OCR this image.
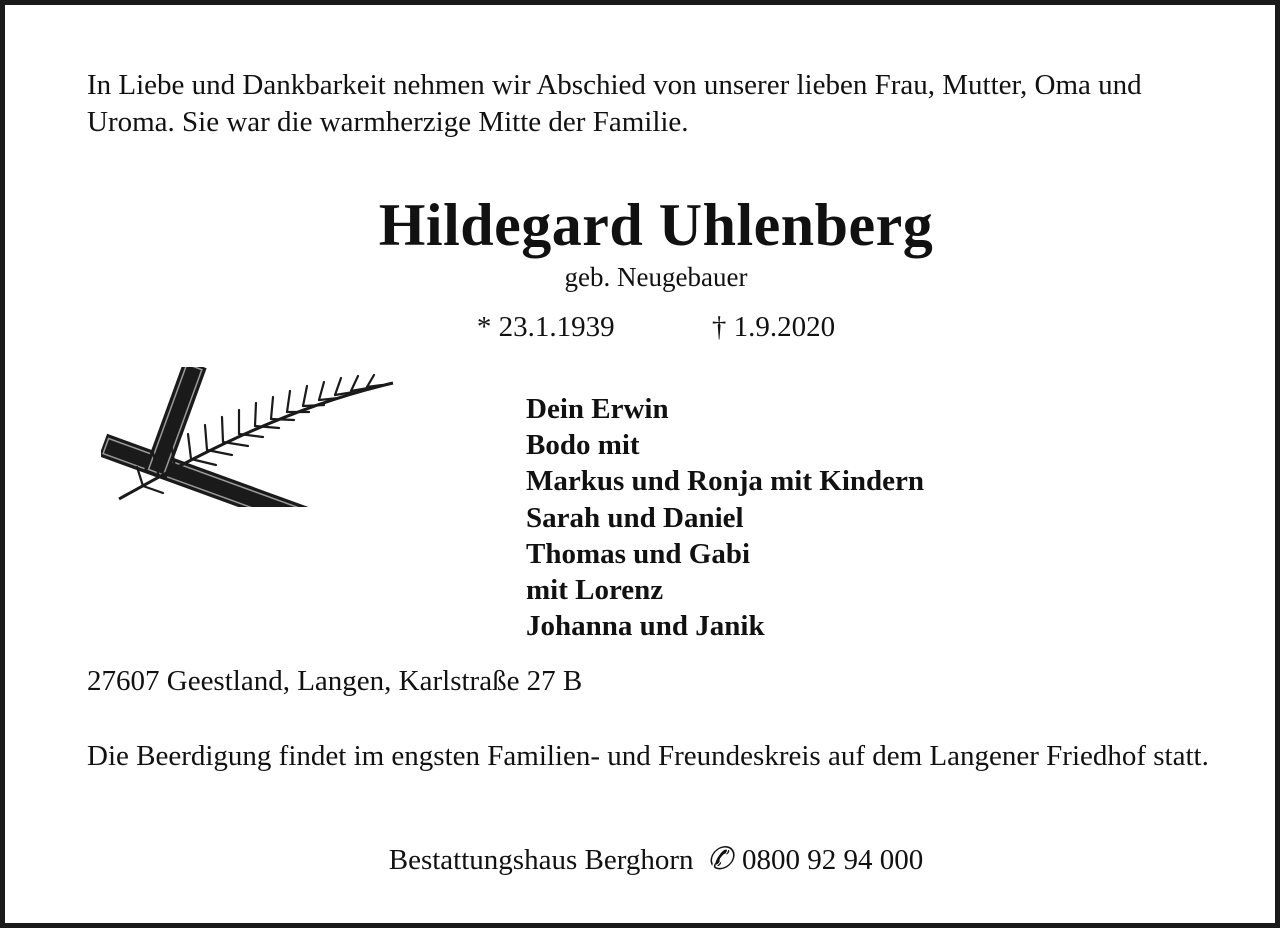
In Liebe und Dankbarkeit nehmen wir Abschied von unserer lieben Frau, Mutter, Oma und Uroma. Sie war die warmherzige Mitte der Familie.
Hildegard Uhlenberg
geb. Neugebauer
* 23.1.1939	† 1.9.2020
Dein Erwin
Bodo mit
Markus und Ronja mit Kindern
Sarah und Daniel
Thomas und Gabi
mit Lorenz
Johanna und Janik
27607 Geestland, Langen, Karlstraße 27 B
Die Beerdigung findet im engsten Familien- und Freundeskreis auf dem Langener Friedhof statt.
Bestattungshaus Berghorn ✆ 0800 92 94 000
